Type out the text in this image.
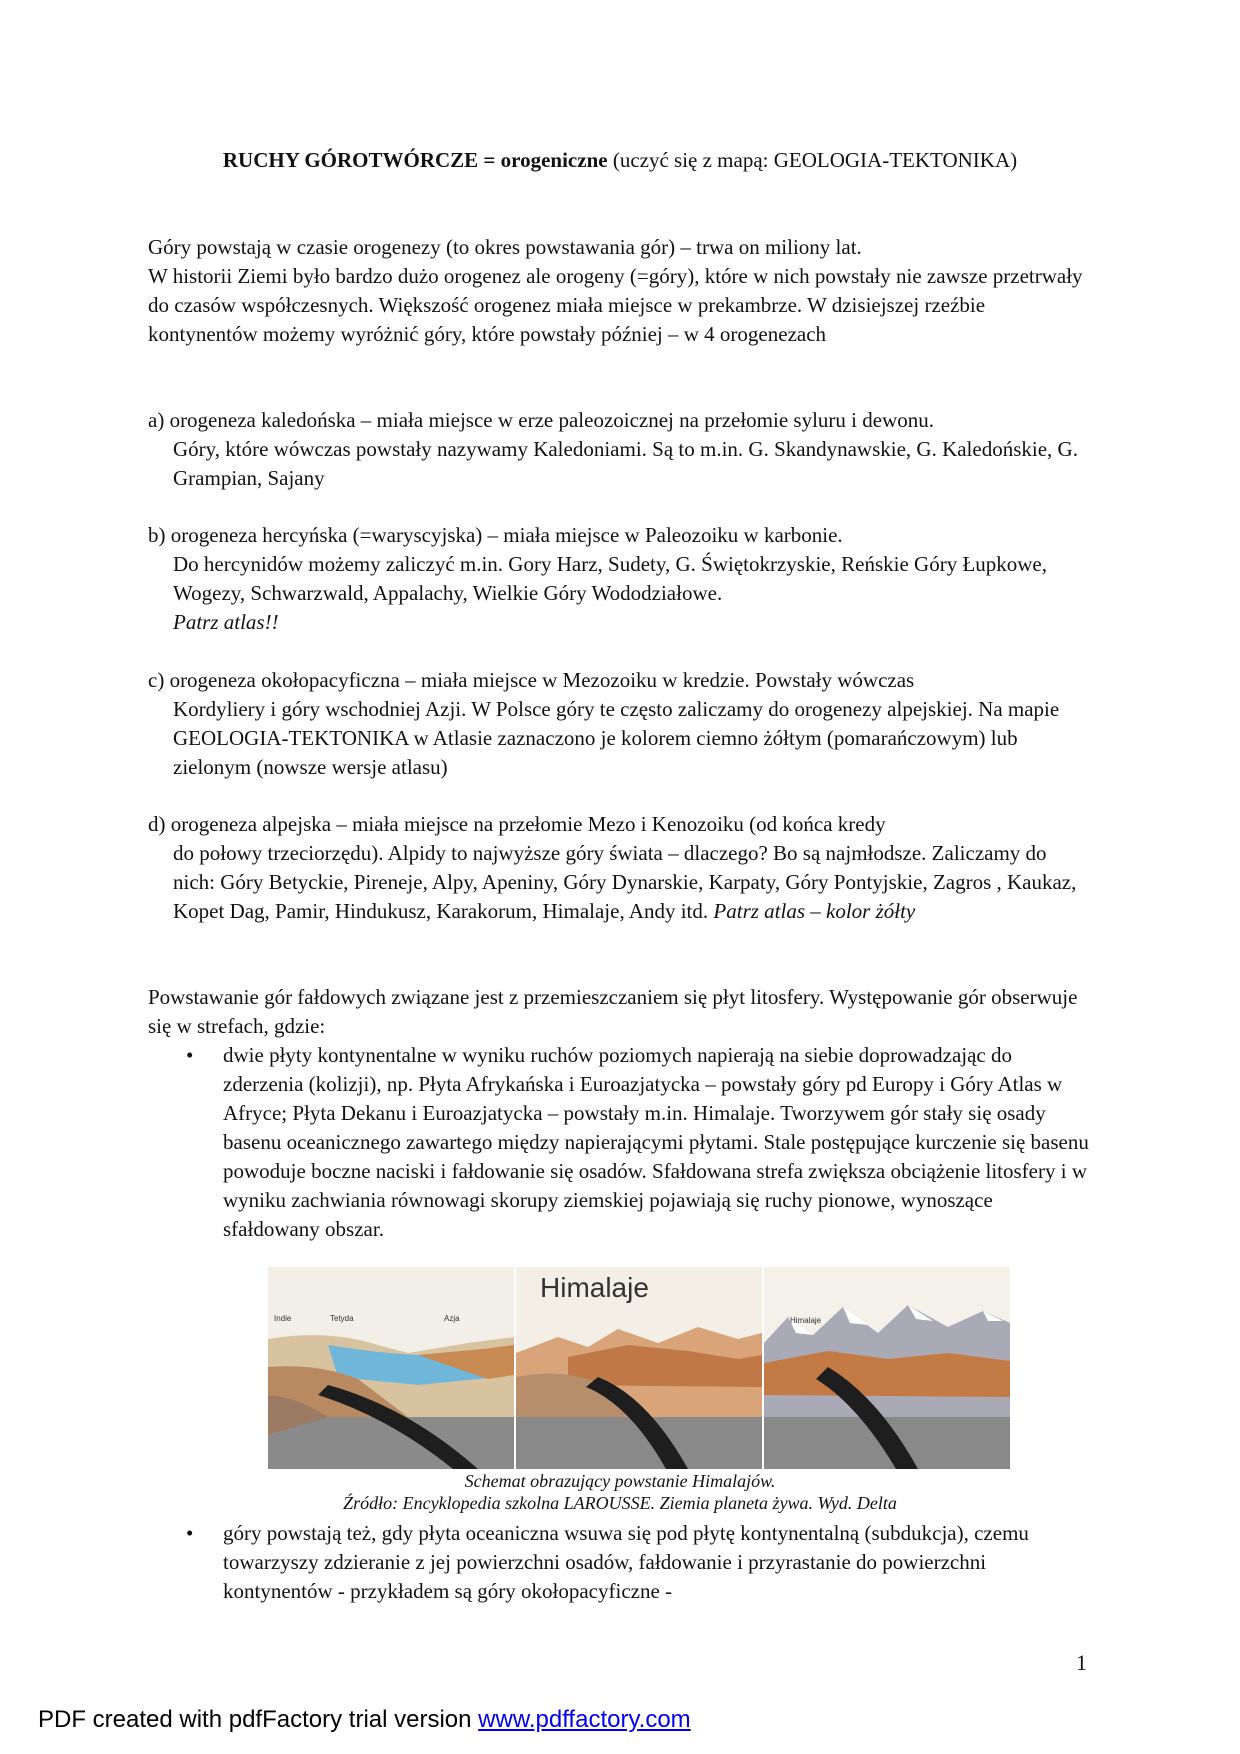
RUCHY GÓROTWÓRCZE = orogeniczne (uczyć się z mapą: GEOLOGIA-TEKTONIKA)
Góry powstają w czasie orogenezy (to okres powstawania gór) – trwa on miliony lat.
W historii Ziemi było bardzo dużo orogenez ale orogeny (=góry), które w nich powstały nie zawsze przetrwały do czasów współczesnych. Większość orogenez miała miejsce w prekambrze. W dzisiejszej rzeźbie kontynentów możemy wyróżnić góry, które powstały później – w 4 orogenezach
a) orogeneza kaledońska – miała miejsce w erze paleozoicznej na przełomie syluru i dewonu.
Góry, które wówczas powstały nazywamy Kaledoniami. Są to m.in. G. Skandynawskie, G. Kaledońskie, G. Grampian, Sajany
b) orogeneza hercyńska (=waryscyjska) – miała miejsce w Paleozoiku w karbonie.
Do hercynidów możemy zaliczyć m.in. Gory Harz, Sudety, G. Świętokrzyskie, Reńskie Góry Łupkowe, Wogezy, Schwarzwald, Appalachy, Wielkie Góry Wododziałowe.
Patrz atlas!!
c) orogeneza okołopacyficzna – miała miejsce w Mezozoiku w kredzie. Powstały wówczas
Kordyliery i góry wschodniej Azji. W Polsce góry te często zaliczamy do orogenezy alpejskiej. Na mapie GEOLOGIA-TEKTONIKA w Atlasie zaznaczono je kolorem ciemno żółtym (pomarańczowym) lub zielonym (nowsze wersje atlasu)
d) orogeneza alpejska – miała miejsce na przełomie Mezo i Kenozoiku (od końca kredy
do połowy trzeciorzędu). Alpidy to najwyższe góry świata – dlaczego? Bo są najmłodsze. Zaliczamy do nich: Góry Betyckie, Pireneje, Alpy, Apeniny, Góry Dynarskie, Karpaty, Góry Pontyjskie, Zagros , Kaukaz, Kopet Dag, Pamir, Hindukusz, Karakorum, Himalaje, Andy itd. Patrz atlas – kolor żółty
Powstawanie gór fałdowych związane jest z przemieszczaniem się płyt litosfery. Występowanie gór obserwuje się w strefach, gdzie:
•	dwie płyty kontynentalne w wyniku ruchów poziomych napierają na siebie doprowadzając do zderzenia (kolizji), np. Płyta Afrykańska i Euroazjatycka – powstały góry pd Europy i Góry Atlas w Afryce; Płyta Dekanu i Euroazjatycka – powstały m.in. Himalaje. Tworzywem gór stały się osady basenu oceanicznego zawartego między napierającymi płytami. Stale postępujące kurczenie się basenu powoduje boczne naciski i fałdowanie się osadów. Sfałdowana strefa zwiększa obciążenie litosfery i w wyniku zachwiania równowagi skorupy ziemskiej pojawiają się ruchy pionowe, wynoszące sfałdowany obszar.
Himalaje
Indie	Tetyda	Azja	Himalaje
Schemat obrazujący powstanie Himalajów.
Źródło: Encyklopedia szkolna LAROUSSE. Ziemia planeta żywa. Wyd. Delta
•	góry powstają też, gdy płyta oceaniczna wsuwa się pod płytę kontynentalną (subdukcja), czemu towarzyszy zdzieranie z jej powierzchni osadów, fałdowanie i przyrastanie do powierzchni kontynentów - przykładem są góry okołopacyficzne -
1
PDF created with pdfFactory trial version www.pdffactory.com
